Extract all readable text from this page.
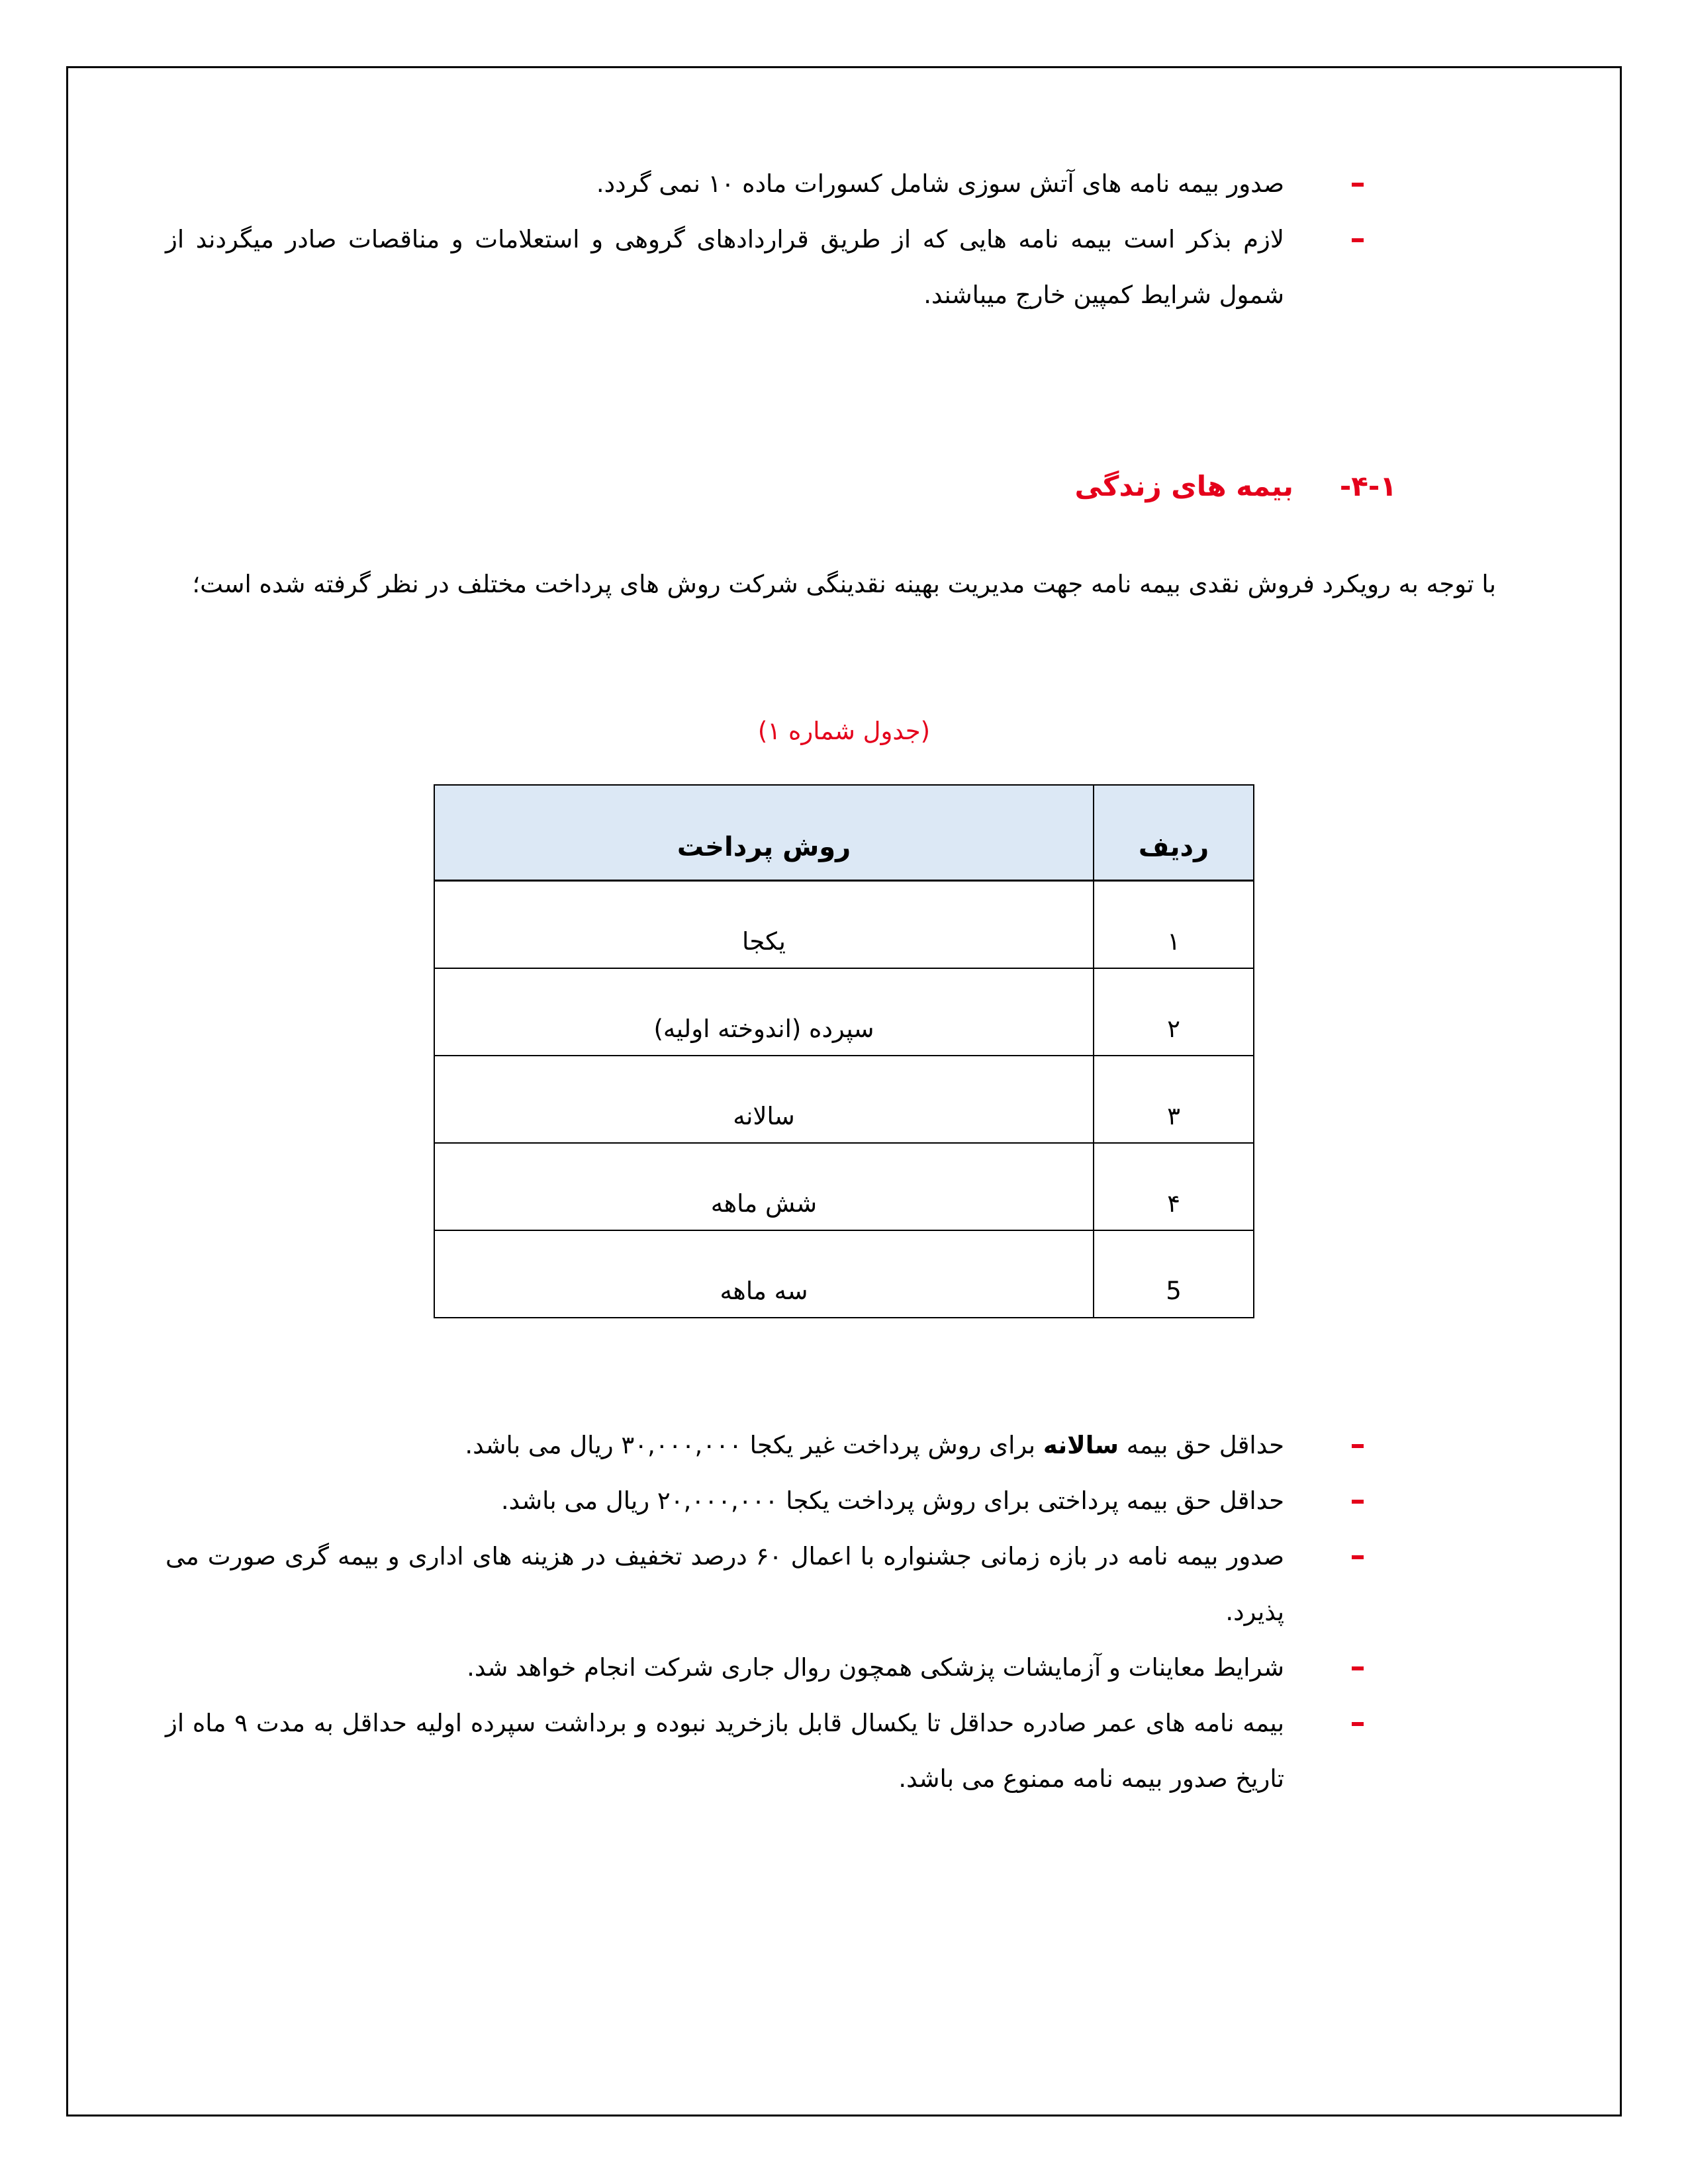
صدور بیمه نامه های آتش سوزی شامل کسورات ماده ۱۰ نمی گردد.
لازم بذکر است بیمه نامه هایی که از طریق قراردادهای گروهی و استعلامات و مناقصات صادر میگردند از شمول شرایط کمپین خارج میباشند.
۴-۱-
بیمه های زندگی

با توجه به رویکرد فروش نقدی بیمه نامه جهت مدیریت بهینه نقدینگی شرکت روش های پرداخت مختلف در نظر گرفته شده است؛

(جدول شماره ۱)
ردیف	روش پرداخت
۱	یکجا
۲	سپرده (اندوخته اولیه)
۳	سالانه
۴	شش ماهه
5	سه ماهه
حداقل حق بیمه سالانه برای روش پرداخت غیر یکجا ۳۰,۰۰۰,۰۰۰ ریال می باشد.
حداقل حق بیمه پرداختی برای روش پرداخت یکجا ۲۰,۰۰۰,۰۰۰ ریال می باشد.
صدور بیمه نامه در بازه زمانی جشنواره با اعمال ۶۰ درصد تخفیف در هزینه های اداری و بیمه گری صورت می پذیرد.
شرایط معاینات و آزمایشات پزشکی همچون روال جاری شرکت انجام خواهد شد.
بیمه نامه های عمر صادره حداقل تا یکسال قابل بازخرید نبوده و برداشت سپرده اولیه حداقل به مدت ۹ ماه از تاریخ صدور بیمه نامه ممنوع می باشد.
